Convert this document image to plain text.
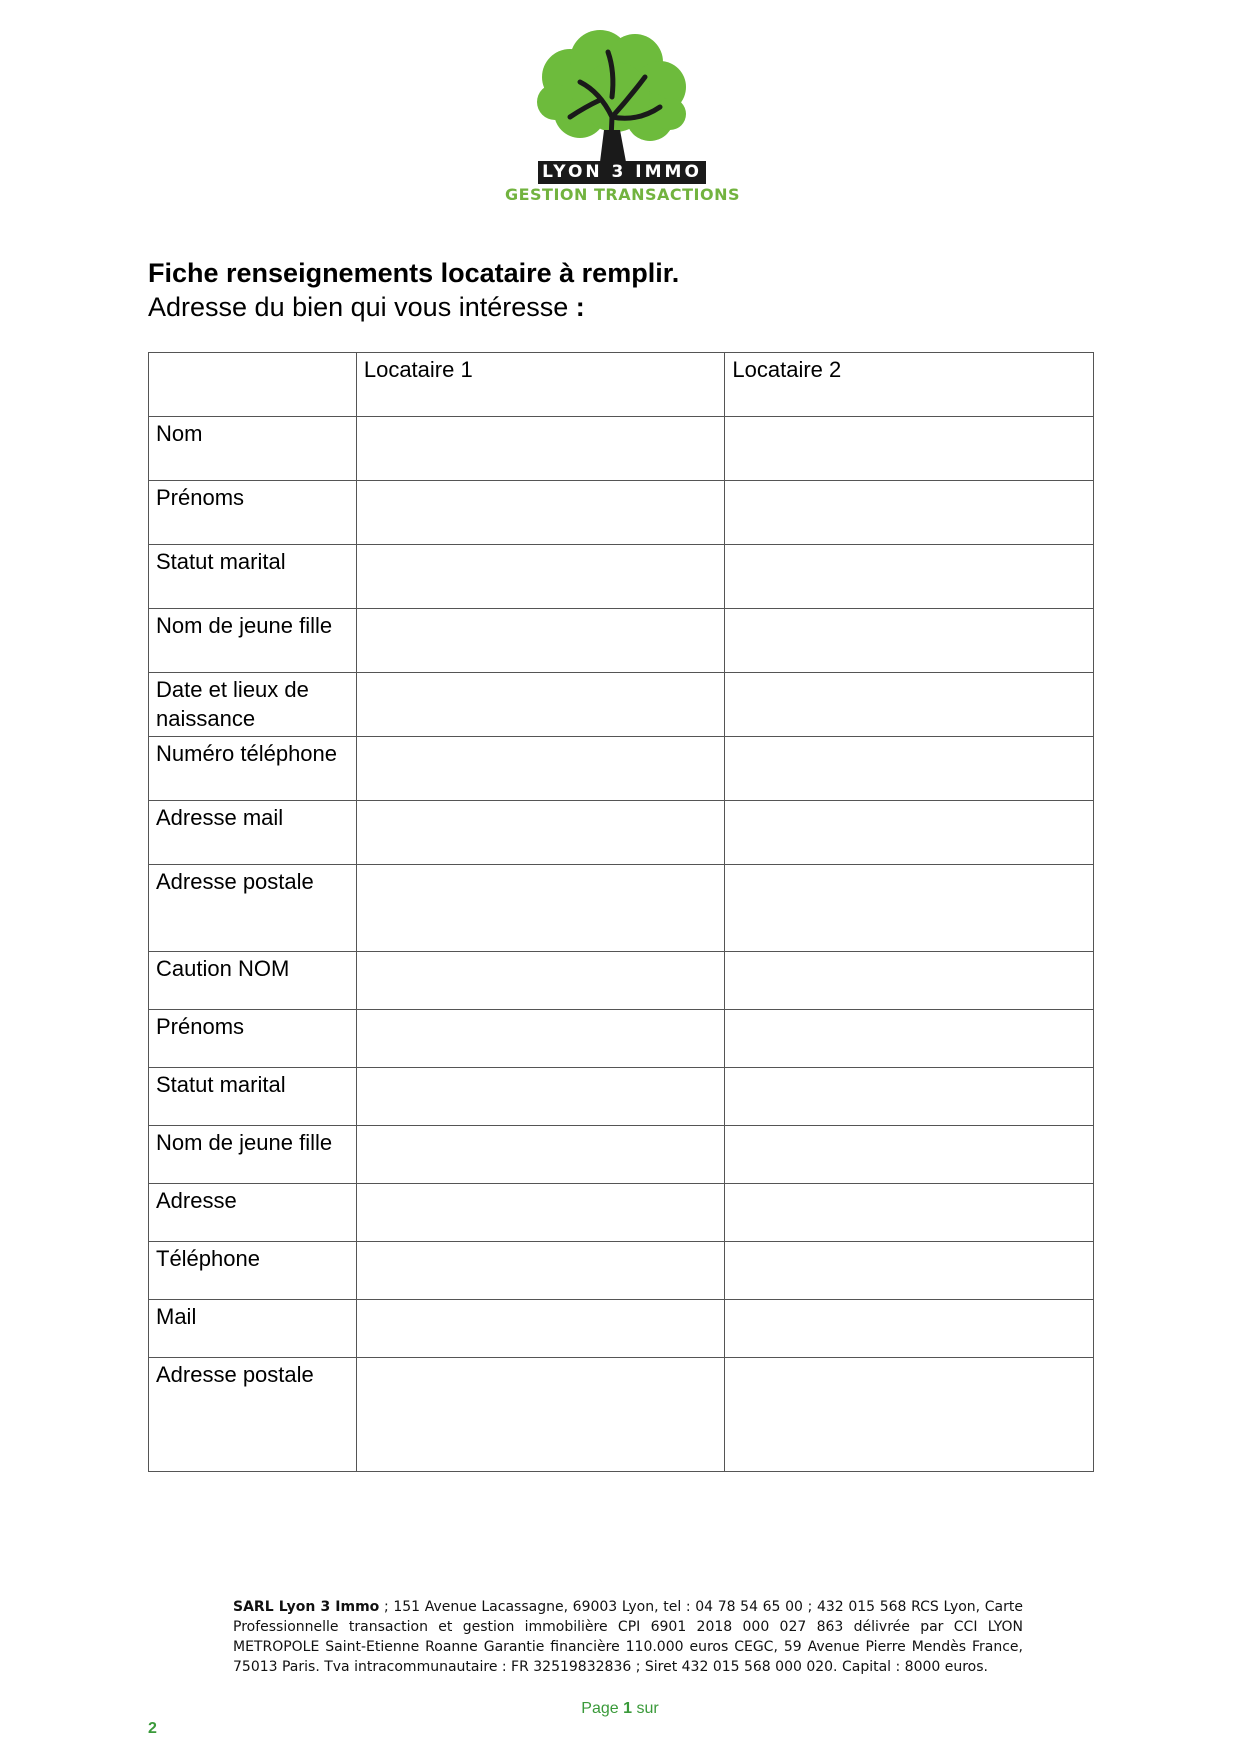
LYON 3 IMMO
GESTION TRANSACTIONS
Fiche renseignements locataire à remplir.
Adresse du bien qui vous intéresse :
	Locataire 1	Locataire 2
Nom		
Prénoms		
Statut marital		
Nom de jeune fille		
Date et lieux de naissance		
Numéro téléphone		
Adresse mail		
Adresse postale		
Caution NOM		
Prénoms		
Statut marital		
Nom de jeune fille		
Adresse		
Téléphone		
Mail		
Adresse postale		
SARL Lyon 3 Immo ; 151 Avenue Lacassagne, 69003 Lyon, tel : 04 78 54 65 00 ; 432 015 568 RCS Lyon, Carte Professionnelle transaction et gestion immobilière CPI 6901 2018 000 027 863 délivrée par CCI LYON METROPOLE Saint-Etienne Roanne Garantie financière 110.000 euros CEGC, 59 Avenue Pierre Mendès France, 75013 Paris. Tva intracommunautaire : FR 32519832836 ; Siret 432 015 568 000 020. Capital : 8000 euros.
Page 1 sur
2
